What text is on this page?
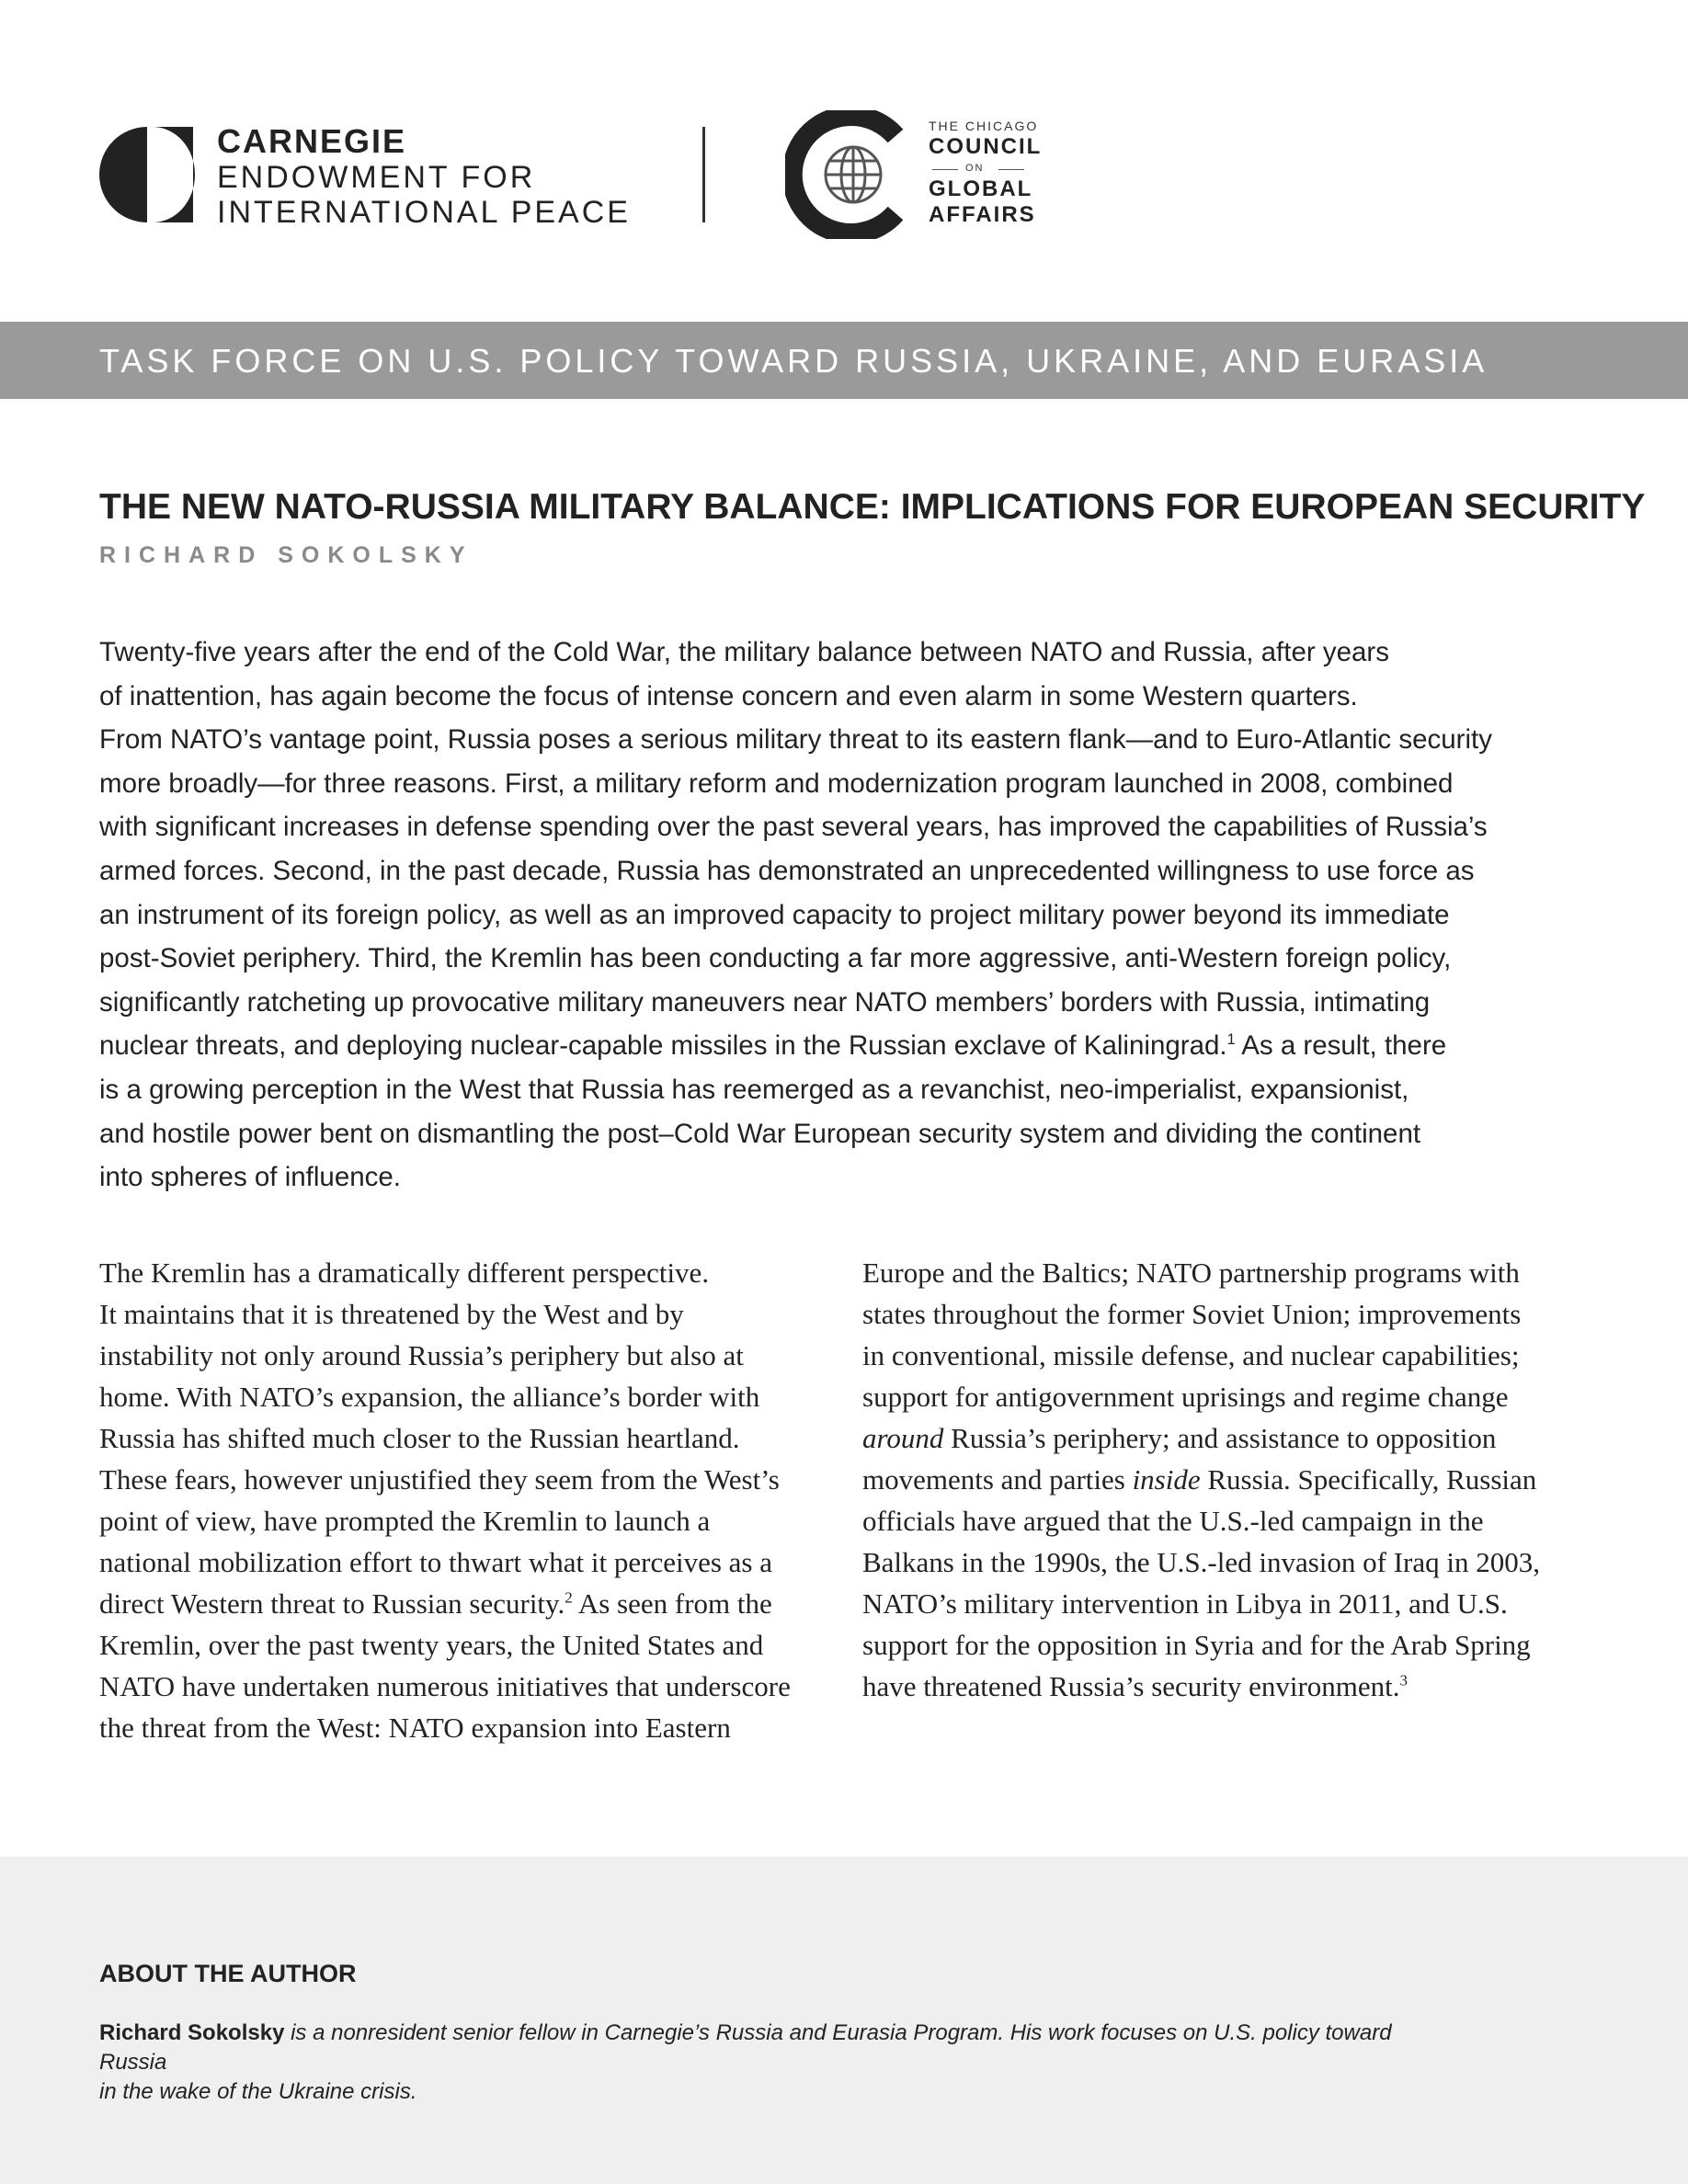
CARNEGIE
ENDOWMENT FOR
INTERNATIONAL PEACE
THE CHICAGO
COUNCIL
ON
GLOBAL
AFFAIRS
TASK FORCE ON U.S. POLICY TOWARD RUSSIA, UKRAINE, AND EURASIA
THE NEW NATO-RUSSIA MILITARY BALANCE: IMPLICATIONS FOR EUROPEAN SECURITY
RICHARD SOKOLSKY

Twenty-five years after the end of the Cold War, the military balance between NATO and Russia, after years
of inattention, has again become the focus of intense concern and even alarm in some Western quarters.
From NATO’s vantage point, Russia poses a serious military threat to its eastern flank—and to Euro-Atlantic security
more broadly—for three reasons. First, a military reform and modernization program launched in 2008, combined
with significant increases in defense spending over the past several years, has improved the capabilities of Russia’s
armed forces. Second, in the past decade, Russia has demonstrated an unprecedented willingness to use force as
an instrument of its foreign policy, as well as an improved capacity to project military power beyond its immediate
post-Soviet periphery. Third, the Kremlin has been conducting a far more aggressive, anti-Western foreign policy,
significantly ratcheting up provocative military maneuvers near NATO members’ borders with Russia, intimating
nuclear threats, and deploying nuclear-capable missiles in the Russian exclave of Kaliningrad.$^1$ As a result, there
is a growing perception in the West that Russia has reemerged as a revanchist, neo-imperialist, expansionist,
and hostile power bent on dismantling the post–Cold War European security system and dividing the continent
into spheres of influence.

The Kremlin has a dramatically different perspective.
It maintains that it is threatened by the West and by
instability not only around Russia’s periphery but also at
home. With NATO’s expansion, the alliance’s border with
Russia has shifted much closer to the Russian heartland.
These fears, however unjustified they seem from the West’s
point of view, have prompted the Kremlin to launch a
national mobilization effort to thwart what it perceives as a
direct Western threat to Russian security.$^2$ As seen from the
Kremlin, over the past twenty years, the United States and
NATO have undertaken numerous initiatives that underscore
the threat from the West: NATO expansion into Eastern

Europe and the Baltics; NATO partnership programs with
states throughout the former Soviet Union; improvements
in conventional, missile defense, and nuclear capabilities;
support for antigovernment uprisings and regime change
around Russia’s periphery; and assistance to opposition
movements and parties inside Russia. Specifically, Russian
officials have argued that the U.S.-led campaign in the
Balkans in the 1990s, the U.S.-led invasion of Iraq in 2003,
NATO’s military intervention in Libya in 2011, and U.S.
support for the opposition in Syria and for the Arab Spring
have threatened Russia’s security environment.$^3$

ABOUT THE AUTHOR

Richard Sokolsky is a nonresident senior fellow in Carnegie’s Russia and Eurasia Program. His work focuses on U.S. policy toward Russia
in the wake of the Ukraine crisis.
